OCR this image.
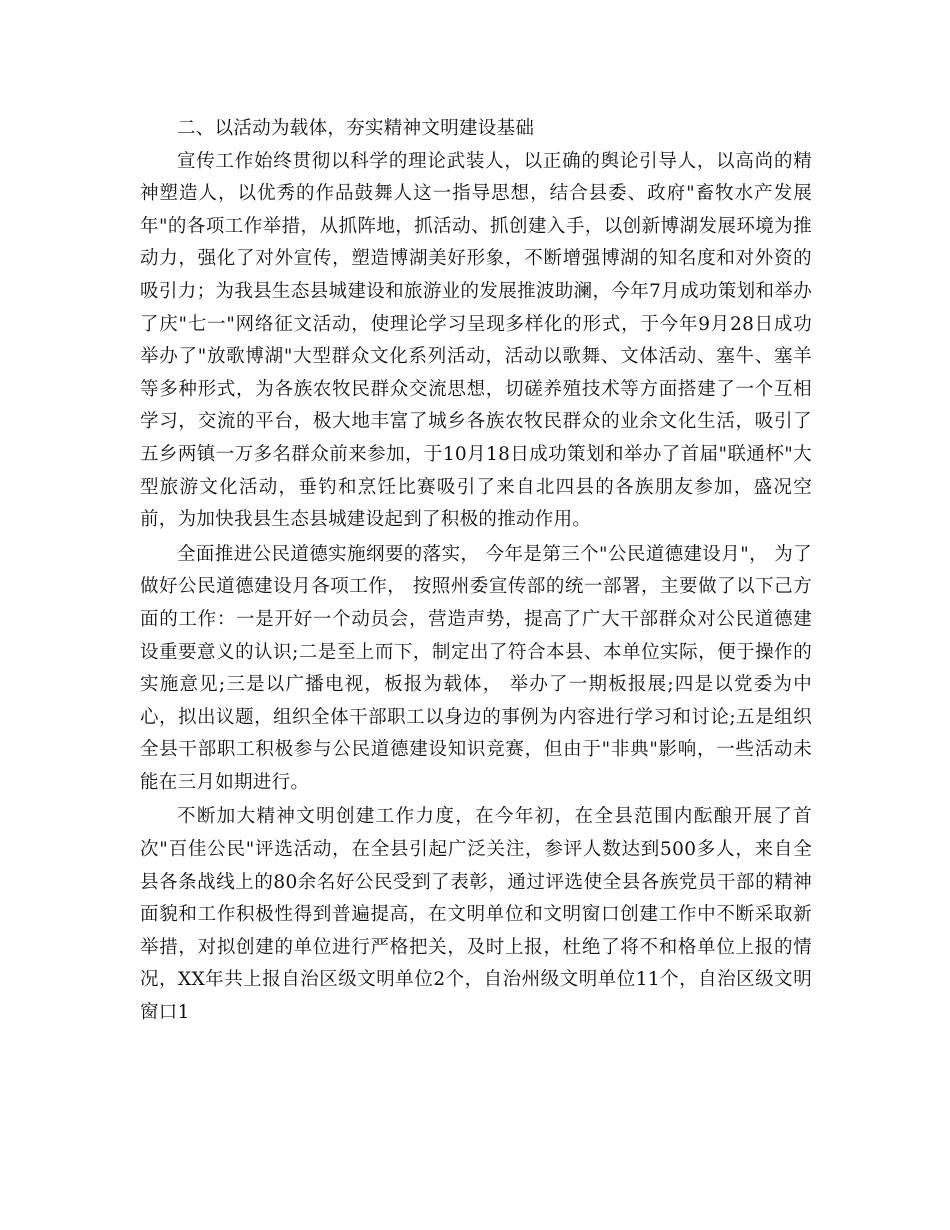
二、以活动为载体，夯实精神文明建设基础

宣传工作始终贯彻以科学的理论武装人，以正确的舆论引导人，以高尚的精神塑造人，以优秀的作品鼓舞人这一指导思想，结合县委、政府"畜牧水产发展年"的各项工作举措，从抓阵地，抓活动、抓创建入手，以创新博湖发展环境为推动力，强化了对外宣传，塑造博湖美好形象，不断增强博湖的知名度和对外资的吸引力；为我县生态县城建设和旅游业的发展推波助澜，今年7月成功策划和举办了庆"七一"网络征文活动，使理论学习呈现多样化的形式，于今年9月28日成功举办了"放歌博湖"大型群众文化系列活动，活动以歌舞、文体活动、塞牛、塞羊等多种形式，为各族农牧民群众交流思想，切磋养殖技术等方面搭建了一个互相学习，交流的平台，极大地丰富了城乡各族农牧民群众的业余文化生活，吸引了五乡两镇一万多名群众前来参加，于10月18日成功策划和举办了首届"联通杯"大型旅游文化活动，垂钓和烹饪比赛吸引了来自北四县的各族朋友参加，盛况空前，为加快我县生态县城建设起到了积极的推动作用。

全面推进公民道德实施纲要的落实， 今年是第三个"公民道德建设月"， 为了做好公民道德建设月各项工作， 按照州委宣传部的统一部署，主要做了以下己方面的工作：一是开好一个动员会，营造声势，提高了广大干部群众对公民道德建设重要意义的认识;二是至上而下，制定出了符合本县、本单位实际，便于操作的实施意见;三是以广播电视，板报为载体， 举办了一期板报展;四是以党委为中心，拟出议题，组织全体干部职工以身边的事例为内容进行学习和讨论;五是组织全县干部职工积极参与公民道德建设知识竞赛，但由于"非典"影响，一些活动未能在三月如期进行。

不断加大精神文明创建工作力度，在今年初，在全县范围内酝酿开展了首次"百佳公民"评选活动，在全县引起广泛关注，参评人数达到500多人，来自全县各条战线上的80余名好公民受到了表彰，通过评选使全县各族党员干部的精神面貌和工作积极性得到普遍提高，在文明单位和文明窗口创建工作中不断采取新举措，对拟创建的单位进行严格把关，及时上报，杜绝了将不和格单位上报的情况，XX年共上报自治区级文明单位2个，自治州级文明单位11个，自治区级文明窗口1
